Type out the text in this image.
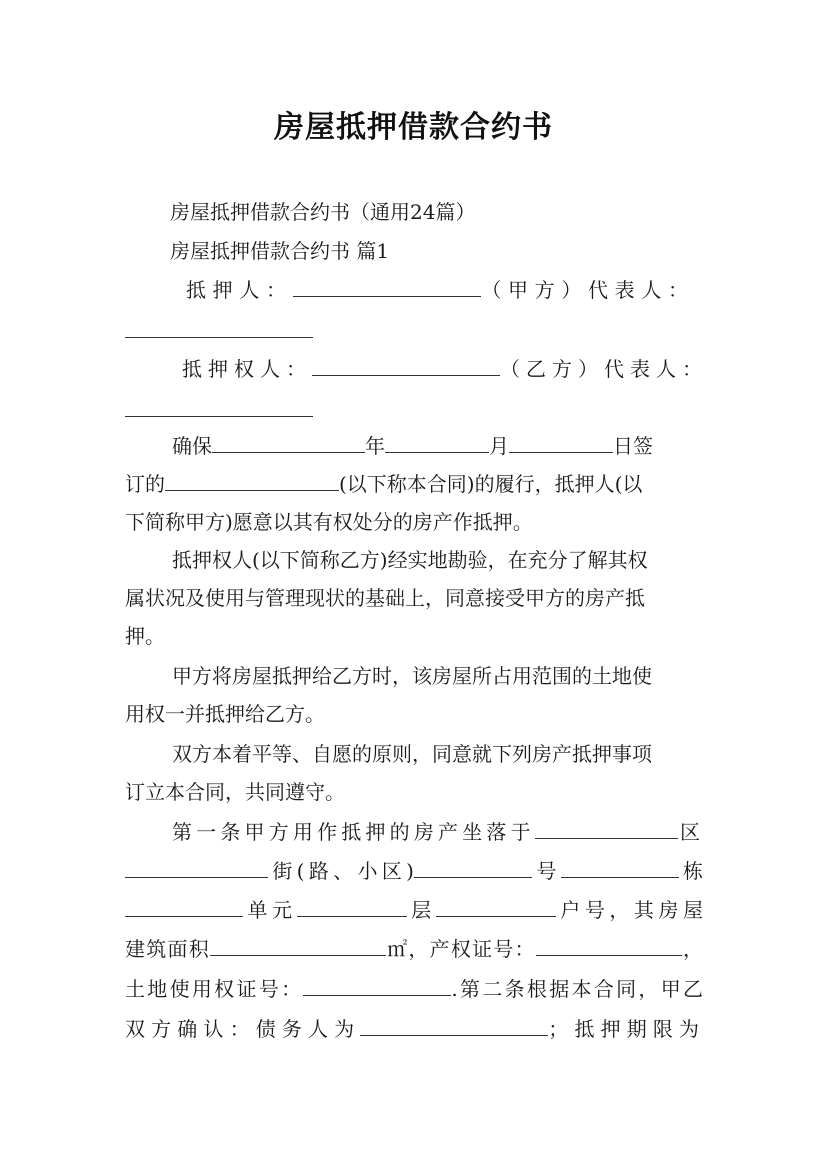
房屋抵押借款合约书
房屋抵押借款合约书（通用24篇）
房屋抵押借款合约书 篇1
抵押人：	（甲方）代表人：
抵押权人：	（乙方）代表人：
确保	年	月	日签
订的	(以下称本合同)的履行，抵押人(以
下简称甲方)愿意以其有权处分的房产作抵押。
抵押权人(以下简称乙方)经实地勘验，在充分了解其权
属状况及使用与管理现状的基础上，同意接受甲方的房产抵
押。
甲方将房屋抵押给乙方时，该房屋所占用范围的土地使
用权一并抵押给乙方。
双方本着平等、自愿的原则，同意就下列房产抵押事项
订立本合同，共同遵守。
第一条甲方用作抵押的房产坐落于	区
街(路、小区)	号	栋
单元	层	户号，其房屋
建筑面积	㎡，产权证号：	，
土地使用权证号：	.第二条根据本合同，甲乙
双方确认：债务人为	；抵押期限为
